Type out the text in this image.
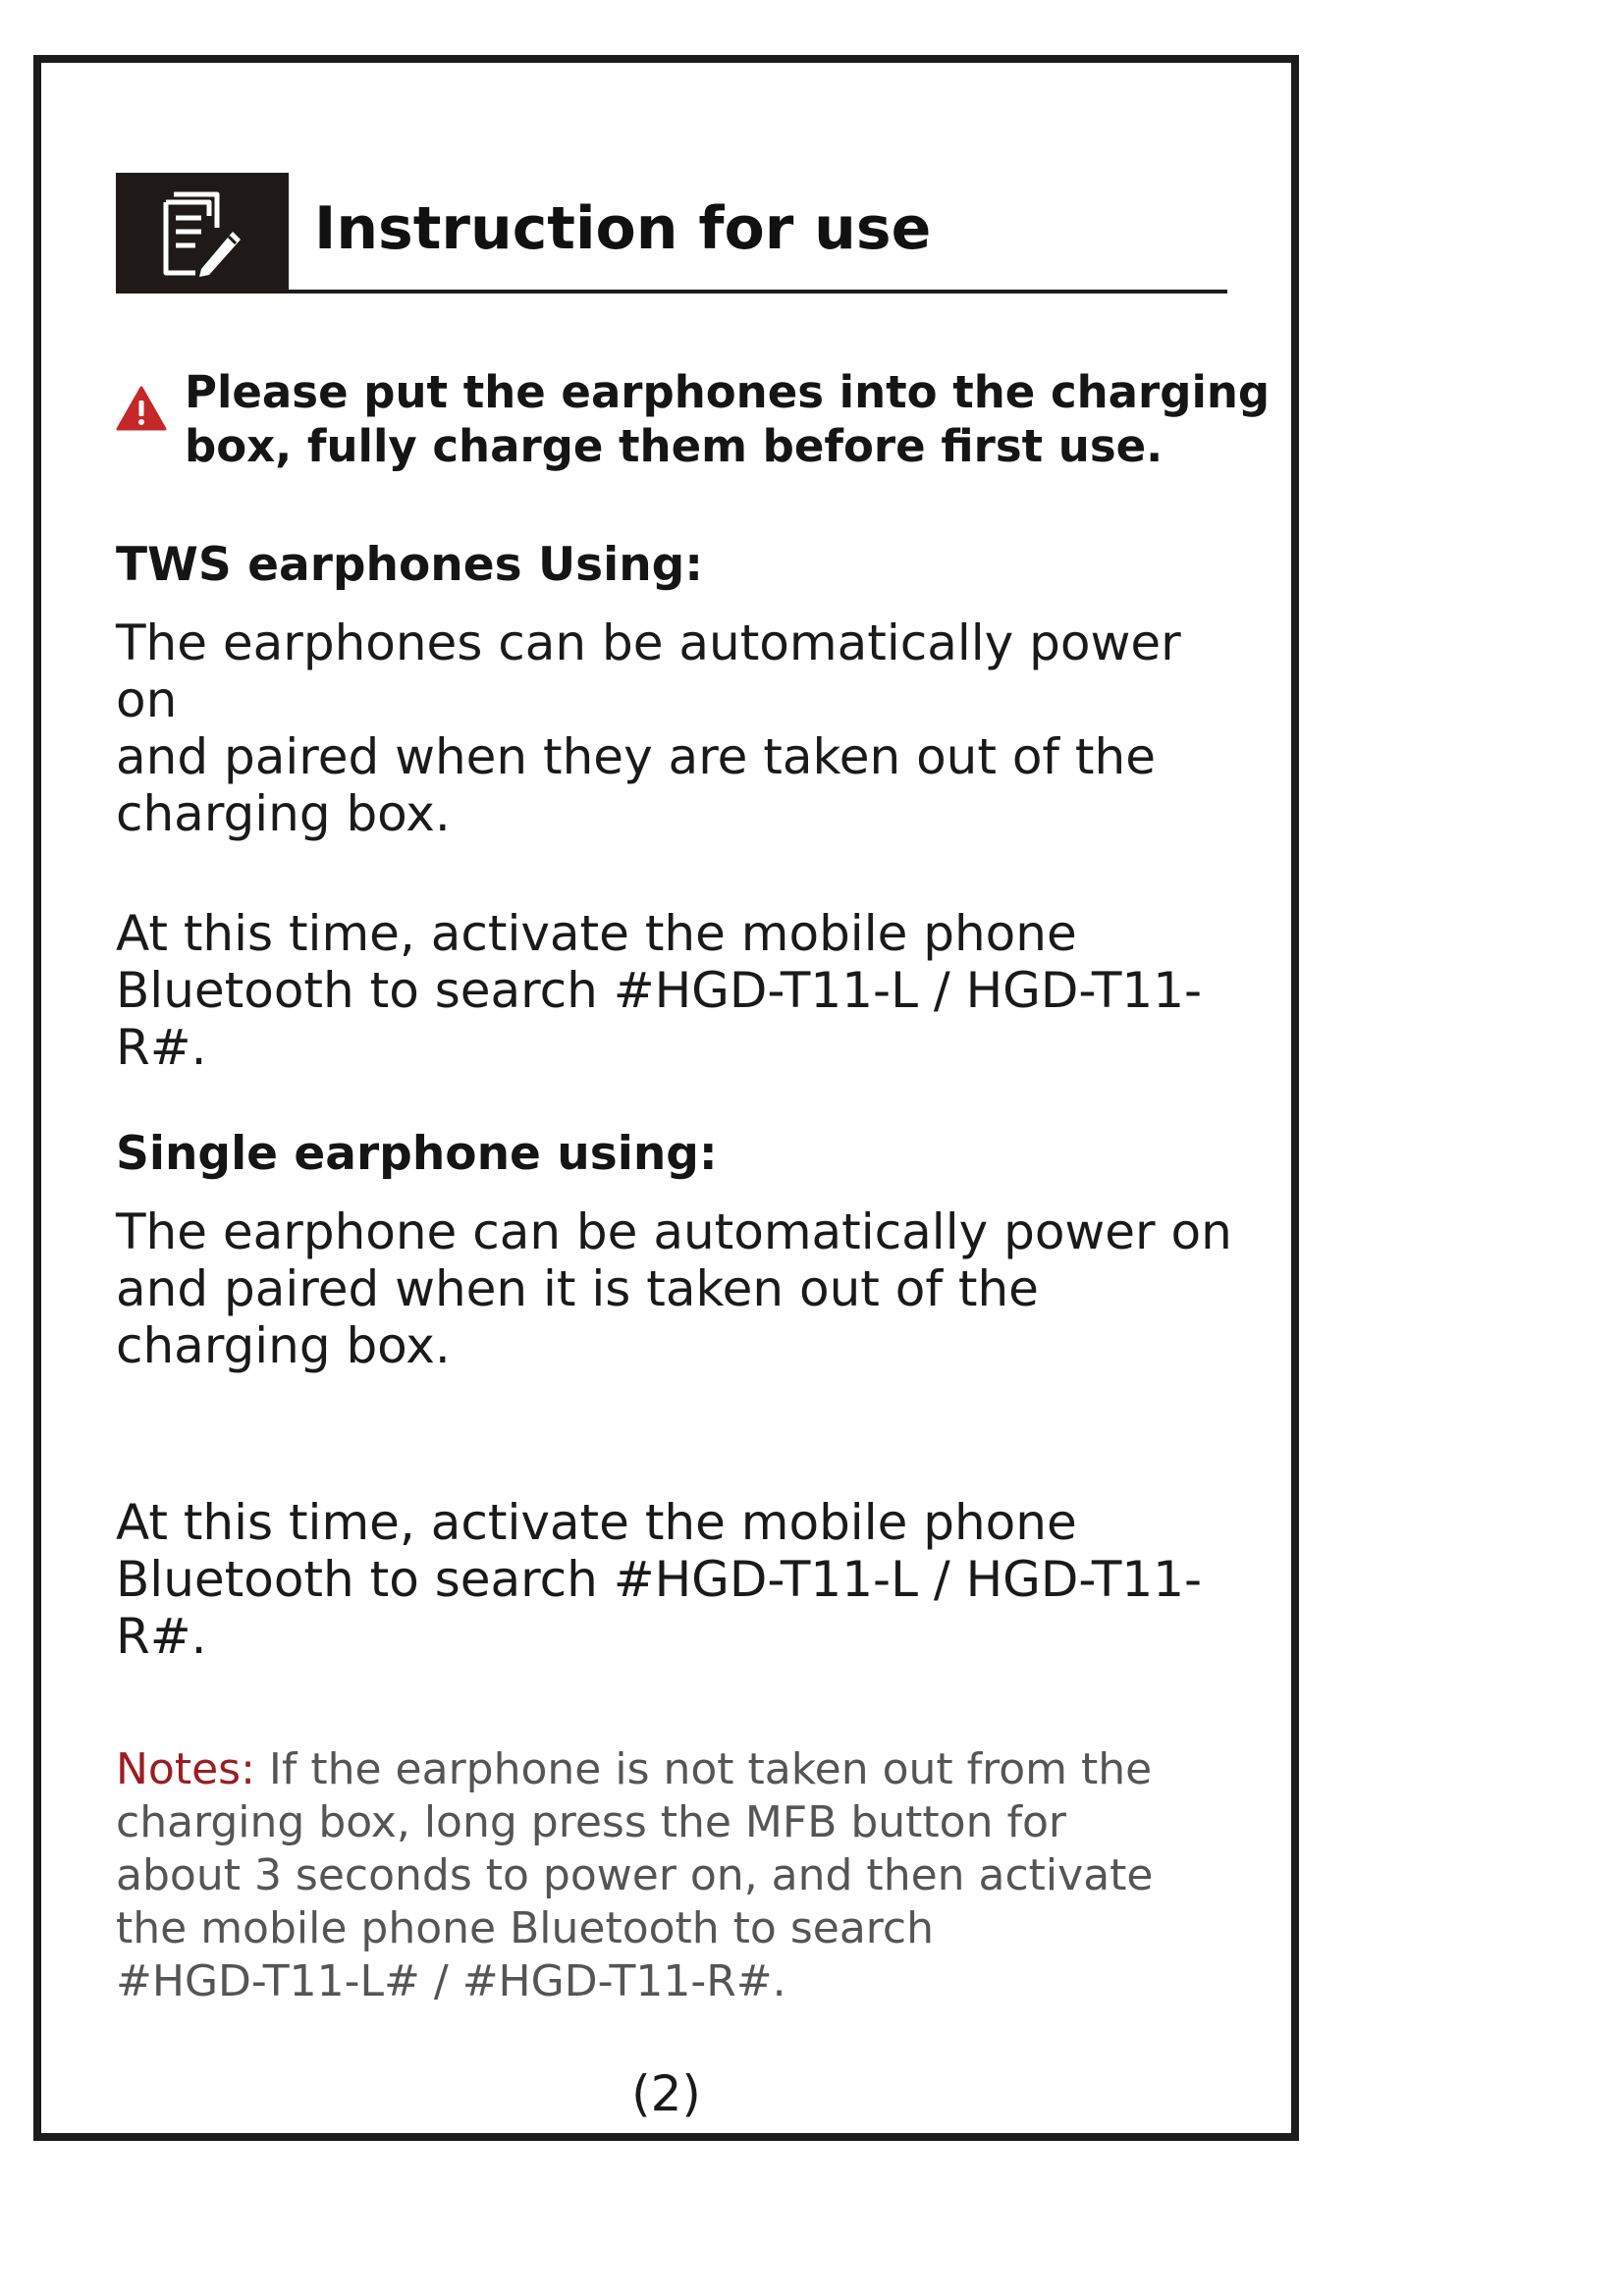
Instruction for use
Please put the earphones into the charging box, fully charge them before first use.
TWS earphones Using:
The earphones can be automatically power on
and paired when they are taken out of the
charging box.
At this time, activate the mobile phone
Bluetooth to search #HGD-T11-L / HGD-T11-R#.
Single earphone using:
The earphone can be automatically power on
and paired when it is taken out of the
charging box.
At this time, activate the mobile phone
Bluetooth to search #HGD-T11-L / HGD-T11-R#.
Notes: If the earphone is not taken out from the
charging box, long press the MFB button for
about 3 seconds to power on, and then activate
the mobile phone Bluetooth to search
#HGD-T11-L# / #HGD-T11-R#.
(2)
